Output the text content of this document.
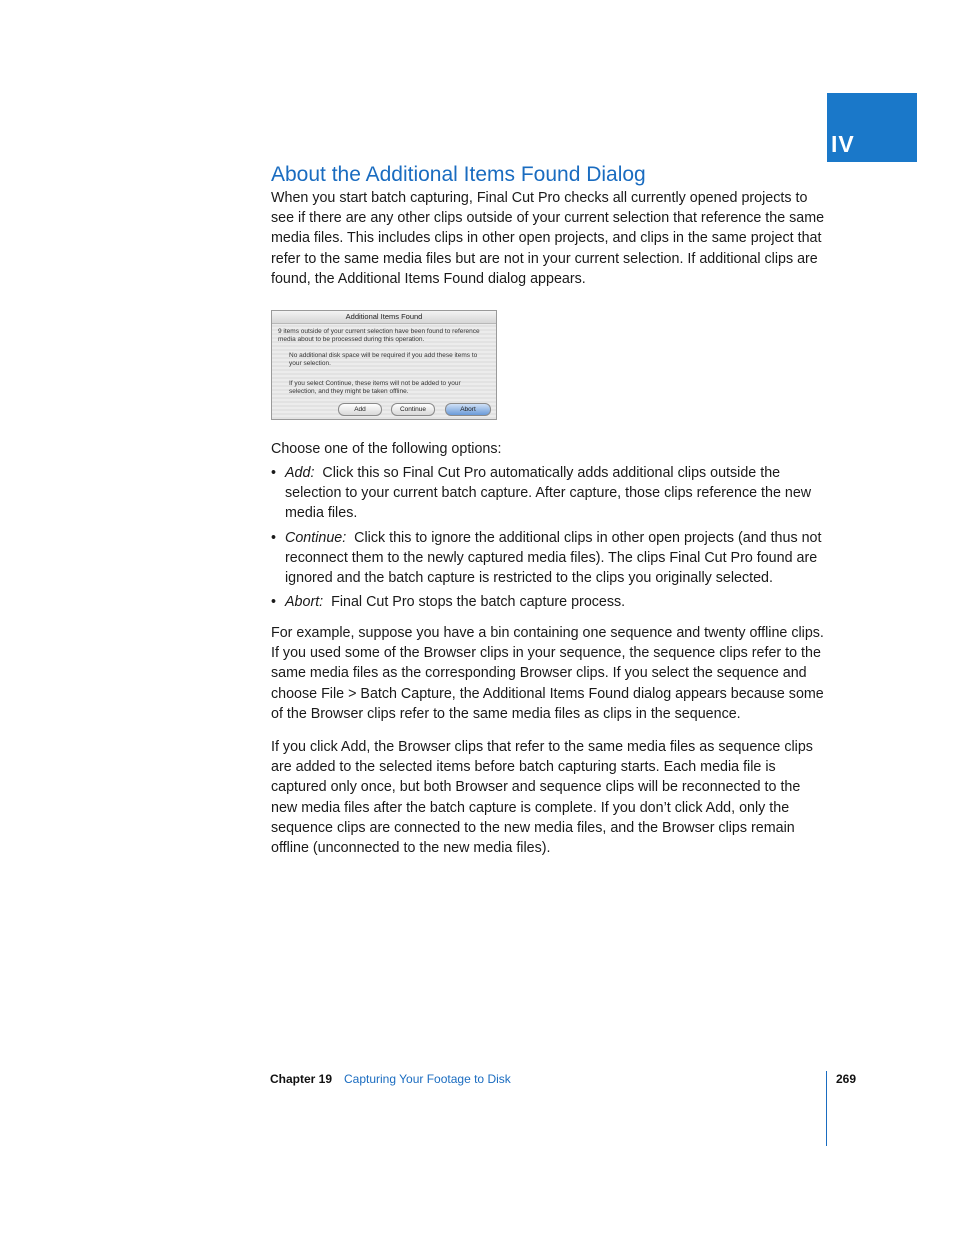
IV
About the Additional Items Found Dialog

When you start batch capturing, Final Cut Pro checks all currently opened projects to see if there are any other clips outside of your current selection that reference the same media files. This includes clips in other open projects, and clips in the same project that refer to the same media files but are not in your current selection. If additional clips are found, the Additional Items Found dialog appears.

Choose one of the following options:

• Add: Click this so Final Cut Pro automatically adds additional clips outside the selection to your current batch capture. After capture, those clips reference the new media files.
• Continue: Click this to ignore the additional clips in other open projects (and thus not reconnect them to the newly captured media files). The clips Final Cut Pro found are ignored and the batch capture is restricted to the clips you originally selected.
• Abort: Final Cut Pro stops the batch capture process.

For example, suppose you have a bin containing one sequence and twenty offline clips. If you used some of the Browser clips in your sequence, the sequence clips refer to the same media files as the corresponding Browser clips. If you select the sequence and choose File > Batch Capture, the Additional Items Found dialog appears because some of the Browser clips refer to the same media files as clips in the sequence.

If you click Add, the Browser clips that refer to the same media files as sequence clips are added to the selected items before batch capturing starts. Each media file is captured only once, but both Browser and sequence clips will be reconnected to the new media files after the batch capture is complete. If you don’t click Add, only the sequence clips are connected to the new media files, and the Browser clips remain offline (unconnected to the new media files).

Additional Items Found
9 items outside of your current selection have been found to reference media about to be processed during this operation.
No additional disk space will be required if you add these items to your selection.
If you select Continue, these items will not be added to your selection, and they might be taken offline.
Add	Continue	Abort
Chapter 19 Capturing Your Footage to Disk	269
